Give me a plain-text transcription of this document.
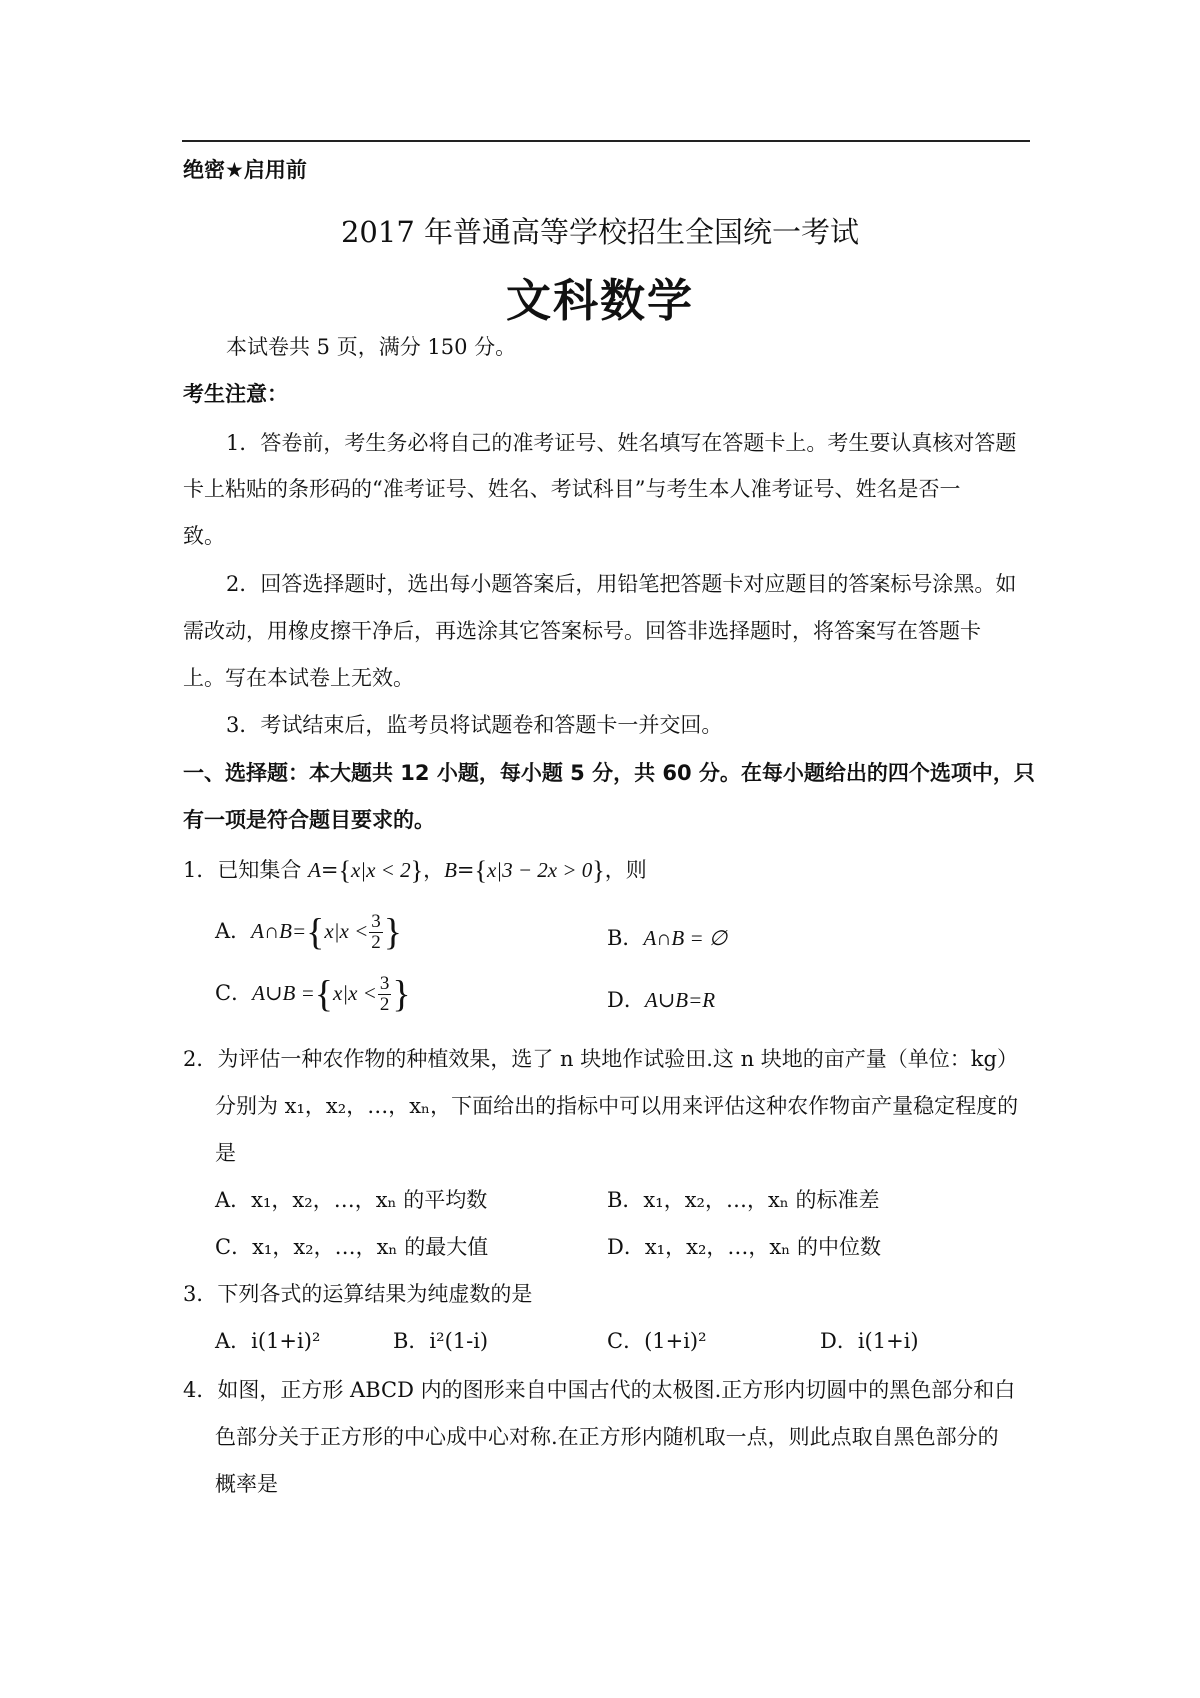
绝密★启用前
2017 年普通高等学校招生全国统一考试
文科数学
本试卷共 5 页，满分 150 分。
考生注意：
1．答卷前，考生务必将自己的准考证号、姓名填写在答题卡上。考生要认真核对答题
卡上粘贴的条形码的“准考证号、姓名、考试科目”与考生本人准考证号、姓名是否一
致。
2．回答选择题时，选出每小题答案后，用铅笔把答题卡对应题目的答案标号涂黑。如
需改动，用橡皮擦干净后，再选涂其它答案标号。回答非选择题时，将答案写在答题卡
上。写在本试卷上无效。
3．考试结束后，监考员将试题卷和答题卡一并交回。
一、选择题：本大题共 12 小题，每小题 5 分，共 60 分。在每小题给出的四个选项中，只
有一项是符合题目要求的。
1．已知集合 A={x|x < 2}，B={x|3 − 2x > 0}，则
A．A∩B={x|x < $\frac{3}{2}$ }	B．A∩B = ∅
C．A∪B $=\{x|x < \frac{3}{2}$ }	D．A∪B=R
2．为评估一种农作物的种植效果，选了 n 块地作试验田.这 n 块地的亩产量（单位：kg）
分别为 x₁，x₂，…，xₙ，下面给出的指标中可以用来评估这种农作物亩产量稳定程度的
是
A．x₁，x₂，…，xₙ 的平均数	B．x₁，x₂，…，xₙ 的标准差
C．x₁，x₂，…，xₙ 的最大值	D．x₁，x₂，…，xₙ 的中位数
3．下列各式的运算结果为纯虚数的是
A．i(1+i)²	B．i²(1-i)	C．(1+i)²	D．i(1+i)
4．如图，正方形 ABCD 内的图形来自中国古代的太极图.正方形内切圆中的黑色部分和白
色部分关于正方形的中心成中心对称.在正方形内随机取一点，则此点取自黑色部分的
概率是
